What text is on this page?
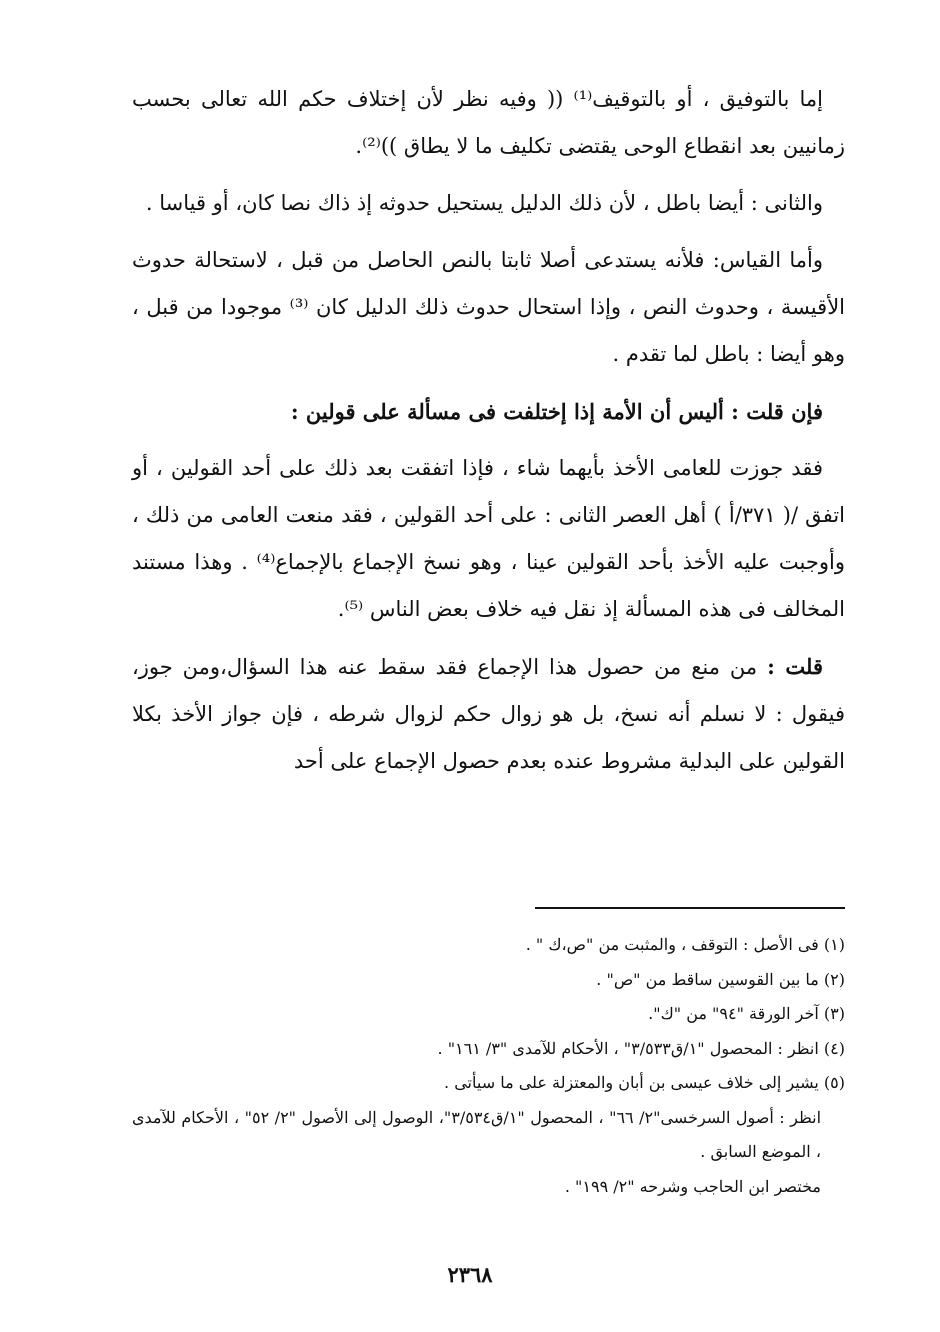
إما بالتوفيق ، أو بالتوقيف⁽¹⁾ (( وفيه نظر لأن إختلاف حكم الله تعالى بحسب زمانيين بعد انقطاع الوحى يقتضى تكليف ما لا يطاق ))⁽²⁾.

والثانى : أيضا باطل ، لأن ذلك الدليل يستحيل حدوثه إذ ذاك نصا كان، أو قياسا .

وأما القياس: فلأنه يستدعى أصلا ثابتا بالنص الحاصل من قبل ، لاستحالة حدوث الأقيسة ، وحدوث النص ، وإذا استحال حدوث ذلك الدليل كان ⁽³⁾ موجودا من قبل ، وهو أيضا : باطل لما تقدم .

فإن قلت : أليس أن الأمة إذا إختلفت فى مسألة على قولين :

فقد جوزت للعامى الأخذ بأيهما شاء ، فإذا اتفقت بعد ذلك على أحد القولين ، أو اتفق /( ٣٧١/أ ) أهل العصر الثانى : على أحد القولين ، فقد منعت العامى من ذلك ، وأوجبت عليه الأخذ بأحد القولين عينا ، وهو نسخ الإجماع بالإجماع⁽⁴⁾ . وهذا مستند المخالف فى هذه المسألة إذ نقل فيه خلاف بعض الناس ⁽⁵⁾.

قلت : من منع من حصول هذا الإجماع فقد سقط عنه هذا السؤال،ومن جوز، فيقول : لا نسلم أنه نسخ، بل هو زوال حكم لزوال شرطه ، فإن جواز الأخذ بكلا القولين على البدلية مشروط عنده بعدم حصول الإجماع على أحد

(١) فى الأصل : التوقف ، والمثبت من "ص،ك " .

(٢) ما بين القوسين ساقط من "ص" .

(٣) آخر الورقة "٩٤" من "ك".

(٤) انظر : المحصول "١/ق٣/٥٣٣" ، الأحكام للآمدى "٣/ ١٦١" .

(٥) يشير إلى خلاف عيسى بن أبان والمعتزلة على ما سيأتى .

انظر : أصول السرخسى"٢/ ٦٦" ، المحصول "١/ق٣/٥٣٤"، الوصول إلى الأصول "٢/ ٥٢" ، الأحكام للآمدى ، الموضع السابق .

مختصر ابن الحاجب وشرحه "٢/ ١٩٩" .

٢٣٦٨
